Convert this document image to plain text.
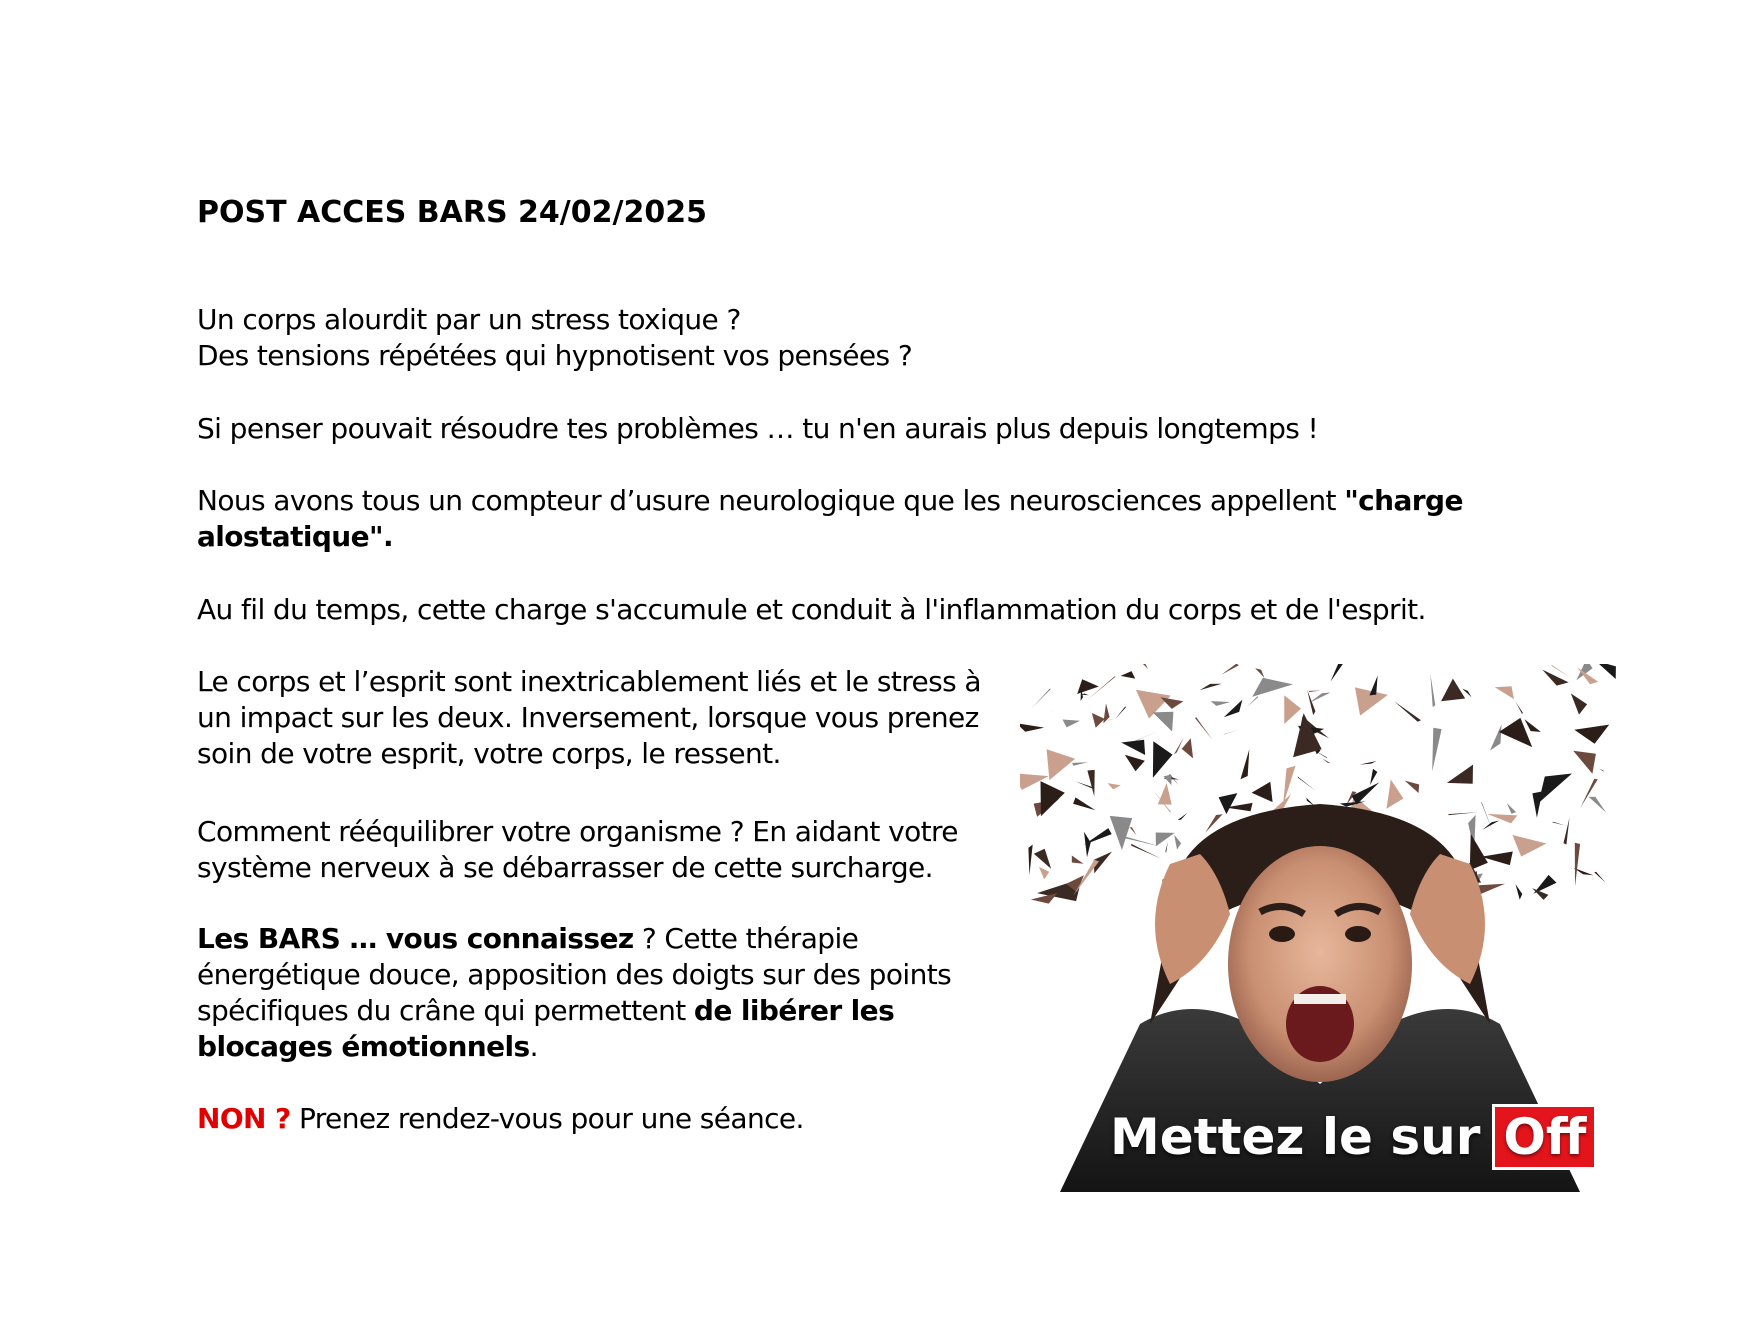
POST ACCES BARS 24/02/2025
Un corps alourdit par un stress toxique ?
Des tensions répétées qui hypnotisent vos pensées ?
Si penser pouvait résoudre tes problèmes … tu n'en aurais plus depuis longtemps !
Nous avons tous un compteur d’usure neurologique que les neurosciences appellent "charge alostatique".
Au fil du temps, cette charge s'accumule et conduit à l'inflammation du corps et de l'esprit.
Le corps et l’esprit sont inextricablement liés et le stress à un impact sur les deux. Inversement, lorsque vous prenez soin de votre esprit, votre corps, le ressent.
Comment rééquilibrer votre organisme ? En aidant votre système nerveux à se débarrasser de cette surcharge.
Les BARS … vous connaissez ? Cette thérapie énergétique douce, apposition des doigts sur des points spécifiques du crâne qui permettent de libérer les blocages émotionnels.
NON ? Prenez rendez-vous pour une séance.	Mettez le sur Off
